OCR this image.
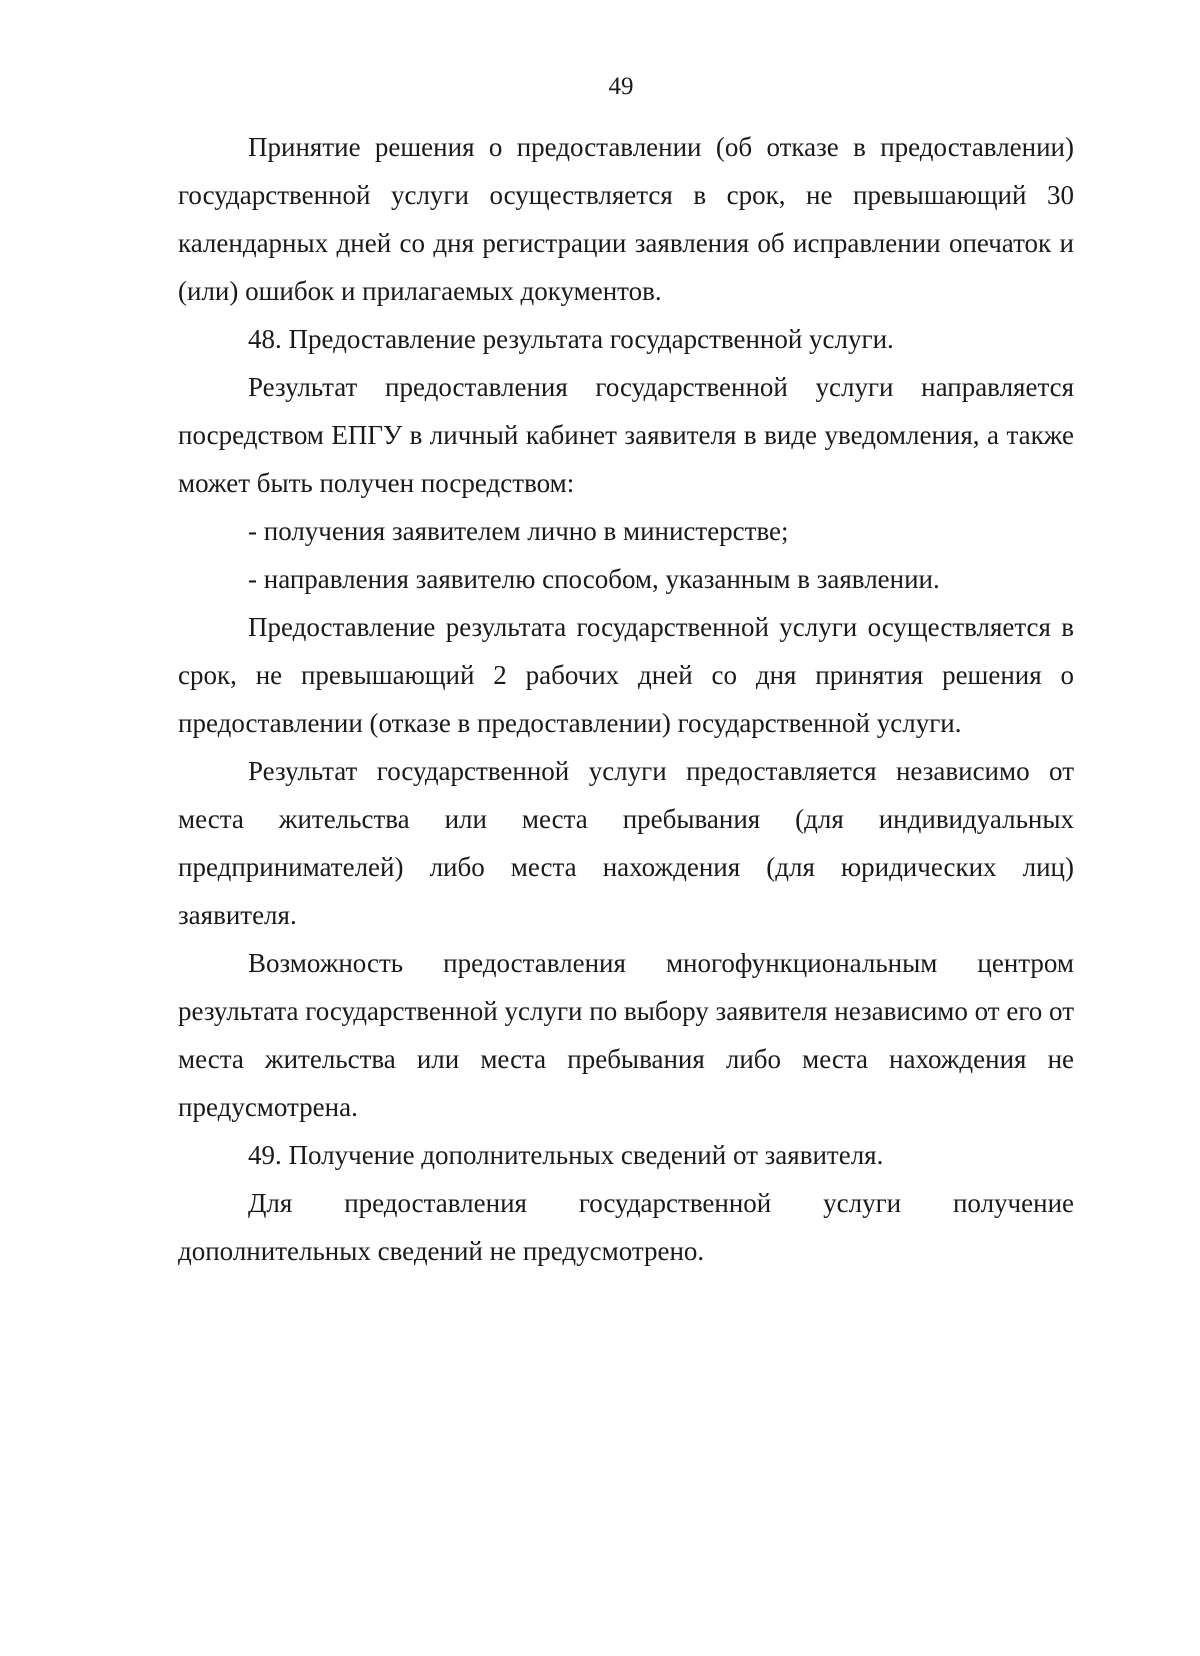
49

Принятие решения о предоставлении (об отказе в предоставлении) государственной услуги осуществляется в срок, не превышающий 30 календарных дней со дня регистрации заявления об исправлении опечаток и (или) ошибок и прилагаемых документов.

48. Предоставление результата государственной услуги.

Результат предоставления государственной услуги направляется посредством ЕПГУ в личный кабинет заявителя в виде уведомления, а также может быть получен посредством:

- получения заявителем лично в министерстве;

- направления заявителю способом, указанным в заявлении.

Предоставление результата государственной услуги осуществляется в срок, не превышающий 2 рабочих дней со дня принятия решения о предоставлении (отказе в предоставлении) государственной услуги.

Результат государственной услуги предоставляется независимо от места жительства или места пребывания (для индивидуальных предпринимателей) либо места нахождения (для юридических лиц) заявителя.

Возможность предоставления многофункциональным центром результата государственной услуги по выбору заявителя независимо от его от места жительства или места пребывания либо места нахождения не предусмотрена.

49. Получение дополнительных сведений от заявителя.

Для предоставления государственной услуги получение дополнительных сведений не предусмотрено.
